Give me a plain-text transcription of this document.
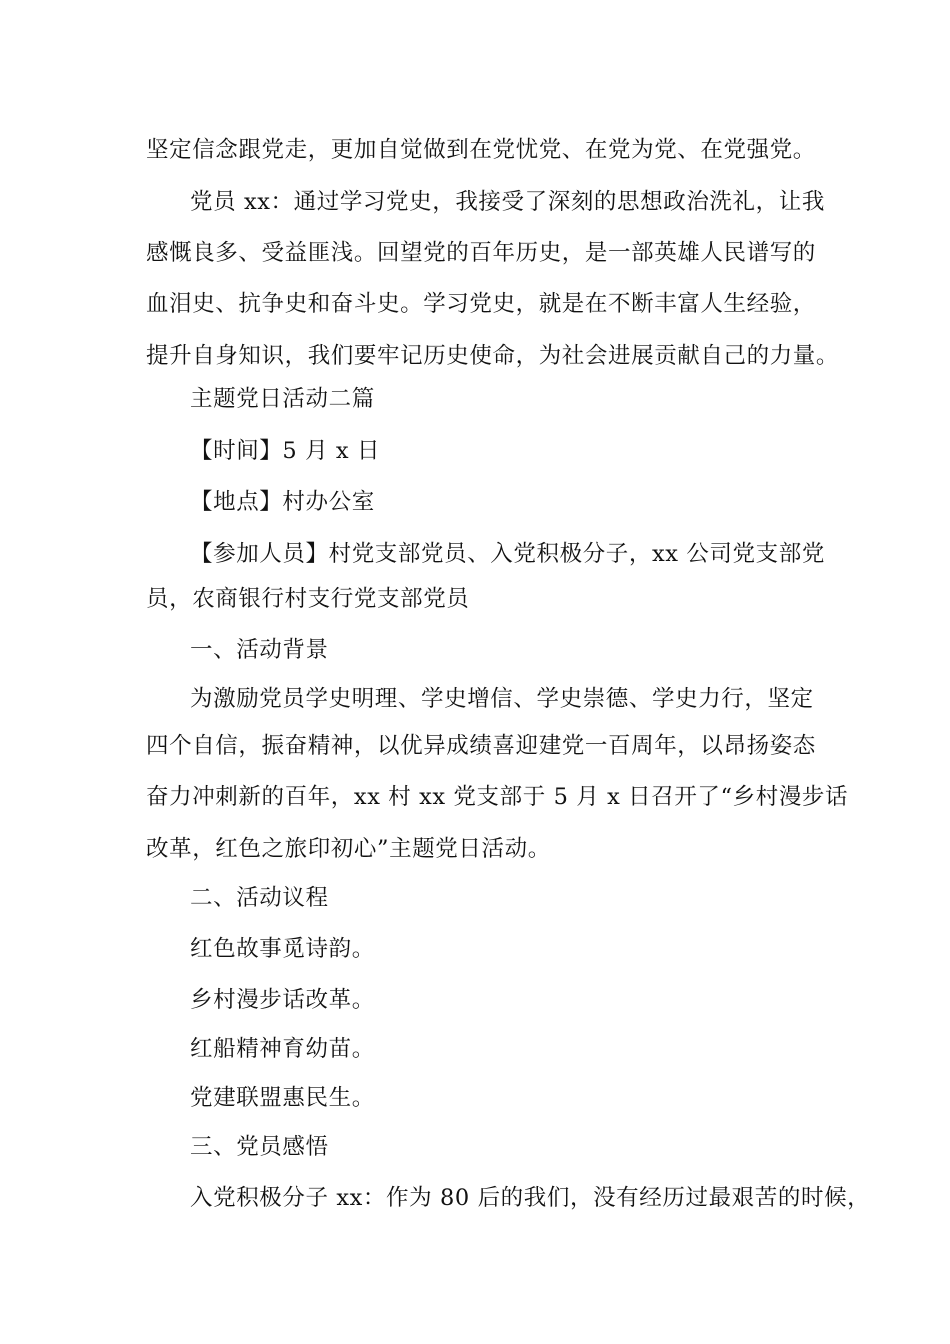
坚定信念跟党走，更加自觉做到在党忧党、在党为党、在党强党。
党员 xx：通过学习党史，我接受了深刻的思想政治洗礼，让我
感慨良多、受益匪浅。回望党的百年历史，是一部英雄人民谱写的
血泪史、抗争史和奋斗史。学习党史，就是在不断丰富人生经验，
提升自身知识，我们要牢记历史使命，为社会进展贡献自己的力量。
主题党日活动二篇
【时间】5 月 x 日
【地点】村办公室
【参加人员】村党支部党员、入党积极分子，xx 公司党支部党
员，农商银行村支行党支部党员
一、活动背景
为激励党员学史明理、学史增信、学史崇德、学史力行，坚定
四个自信，振奋精神，以优异成绩喜迎建党一百周年，以昂扬姿态
奋力冲刺新的百年，xx 村 xx 党支部于 5 月 x 日召开了“乡村漫步话
改革，红色之旅印初心”主题党日活动。
二、活动议程
红色故事觅诗韵。
乡村漫步话改革。
红船精神育幼苗。
党建联盟惠民生。
三、党员感悟
入党积极分子 xx：作为 80 后的我们，没有经历过最艰苦的时候，
